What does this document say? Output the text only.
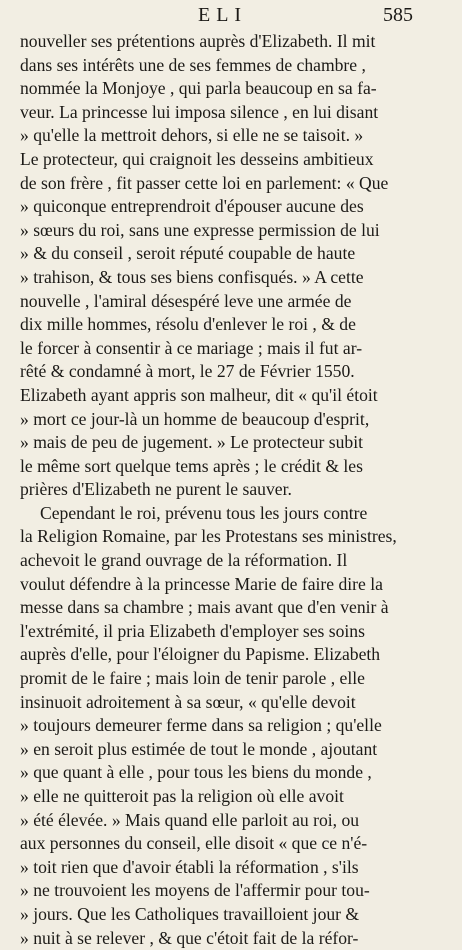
ELI	585
nouveller ses prétentions auprès d'Elizabeth. Il mit
dans ses intérêts une de ses femmes de chambre ,
nommée la Monjoye , qui parla beaucoup en sa fa-
veur. La princesse lui imposa silence , en lui disant
» qu'elle la mettroit dehors, si elle ne se taisoit. »
Le protecteur, qui craignoit les desseins ambitieux
de son frère , fit passer cette loi en parlement: « Que
» quiconque entreprendroit d'épouser aucune des
» sœurs du roi, sans une expresse permission de lui
» & du conseil , seroit réputé coupable de haute
» trahison, & tous ses biens confisqués. » A cette
nouvelle , l'amiral désespéré leve une armée de
dix mille hommes, résolu d'enlever le roi , & de
le forcer à consentir à ce mariage ; mais il fut ar-
rêté & condamné à mort, le 27 de Février 1550.
Elizabeth ayant appris son malheur, dit « qu'il étoit
» mort ce jour-là un homme de beaucoup d'esprit,
» mais de peu de jugement. » Le protecteur subit
le même sort quelque tems après ; le crédit & les
prières d'Elizabeth ne purent le sauver.
Cependant le roi, prévenu tous les jours contre
la Religion Romaine, par les Protestans ses ministres,
achevoit le grand ouvrage de la réformation. Il
voulut défendre à la princesse Marie de faire dire la
messe dans sa chambre ; mais avant que d'en venir à
l'extrémité, il pria Elizabeth d'employer ses soins
auprès d'elle, pour l'éloigner du Papisme. Elizabeth
promit de le faire ; mais loin de tenir parole , elle
insinuoit adroitement à sa sœur, « qu'elle devoit
» toujours demeurer ferme dans sa religion ; qu'elle
» en seroit plus estimée de tout le monde , ajoutant
» que quant à elle , pour tous les biens du monde ,
» elle ne quitteroit pas la religion où elle avoit
» été élevée. » Mais quand elle parloit au roi, ou
aux personnes du conseil, elle disoit « que ce n'é-
» toit rien que d'avoir établi la réformation , s'ils
» ne trouvoient les moyens de l'affermir pour tou-
» jours. Que les Catholiques travailloient jour &
» nuit à se relever , & que c'étoit fait de la réfor-
